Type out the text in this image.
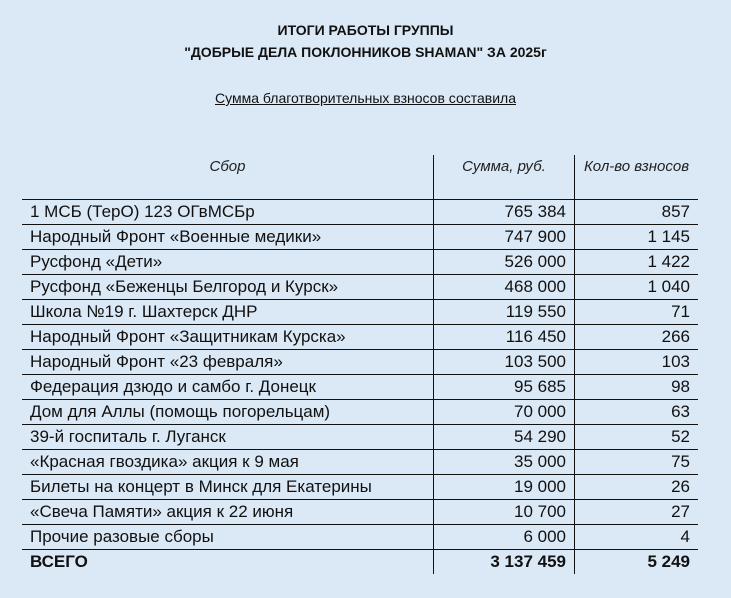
ИТОГИ РАБОТЫ ГРУППЫ
"ДОБРЫЕ ДЕЛА ПОКЛОННИКОВ SHAMAN" ЗА 2025г
Сумма благотворительных взносов составила
Сбор	Сумма, руб.	Кол-во взносов
1 МСБ (ТерО) 123 ОГвМСБр	765 384	857
Народный Фронт «Военные медики»	747 900	1 145
Русфонд «Дети»	526 000	1 422
Русфонд «Беженцы Белгород и Курск»	468 000	1 040
Школа №19 г. Шахтерск ДНР	119 550	71
Народный Фронт «Защитникам Курска»	116 450	266
Народный Фронт «23 февраля»	103 500	103
Федерация дзюдо и самбо г. Донецк	95 685	98
Дом для Аллы (помощь погорельцам)	70 000	63
39-й госпиталь г. Луганск	54 290	52
«Красная гвоздика» акция к 9 мая	35 000	75
Билеты на концерт в Минск для Екатерины	19 000	26
«Свеча Памяти» акция к 22 июня	10 700	27
Прочие разовые сборы	6 000	4
ВСЕГО	3 137 459	5 249
